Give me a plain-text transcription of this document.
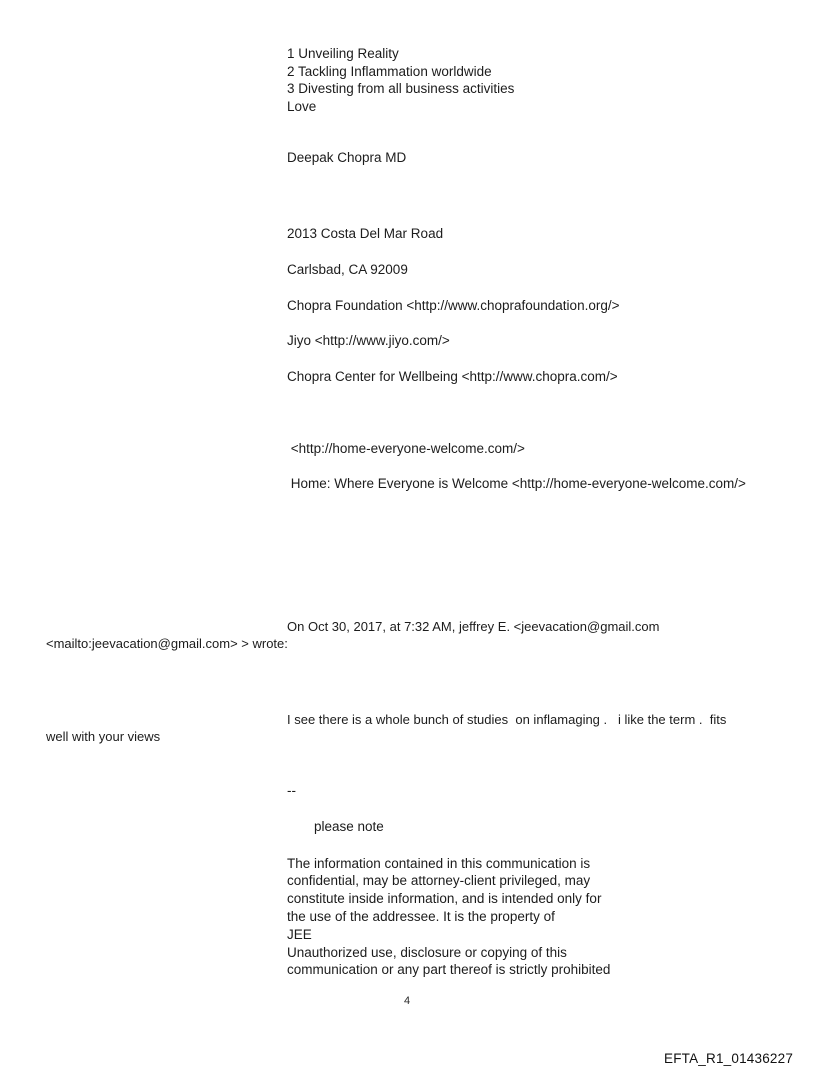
1 Unveiling Reality
2 Tackling Inflammation worldwide
3 Divesting from all business activities
Love
Deepak Chopra MD
2013 Costa Del Mar Road
Carlsbad, CA 92009
Chopra Foundation <http://www.choprafoundation.org/>
Jiyo <http://www.jiyo.com/>
Chopra Center for Wellbeing <http://www.chopra.com/>
<http://home-everyone-welcome.com/>
Home: Where Everyone is Welcome <http://home-everyone-welcome.com/>
On Oct 30, 2017, at 7:32 AM, jeffrey E. <jeevacation@gmail.com
<mailto:jeevacation@gmail.com> > wrote:
I see there is a whole bunch of studies  on inflamaging .   i like the term .  fits
well with your views
--
please note
The information contained in this communication is
confidential, may be attorney-client privileged, may
constitute inside information, and is intended only for
the use of the addressee. It is the property of
JEE
Unauthorized use, disclosure or copying of this
communication or any part thereof is strictly prohibited
4
EFTA_R1_01436227
